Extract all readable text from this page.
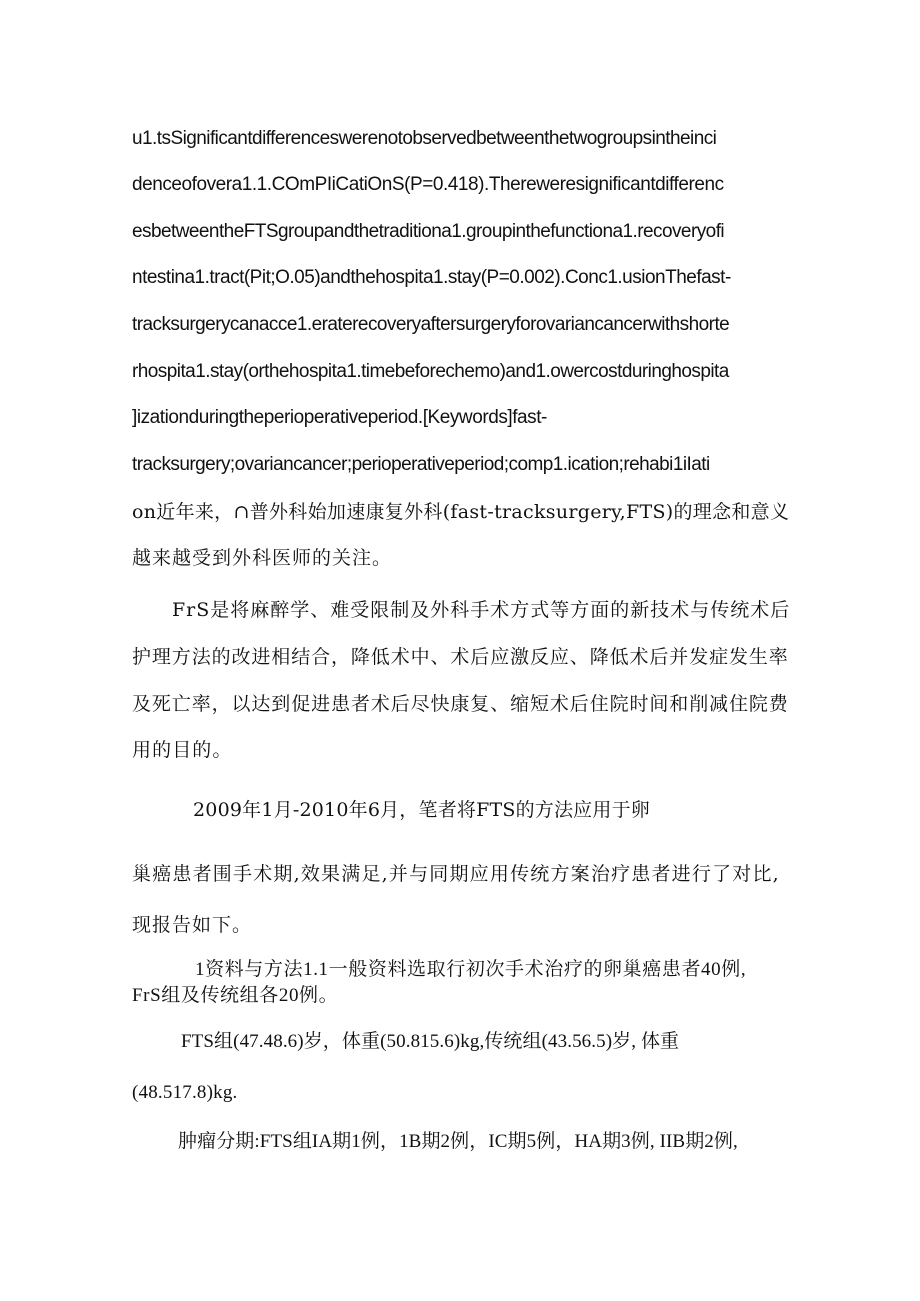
u1.tsSignificantdifferenceswerenotobservedbetweenthetwogroupsintheinci
denceofovera1.1.COmPIiCatiOnS(P=0.418).Thereweresignificantdifferenc
esbetweentheFTSgroupandthetraditiona1.groupinthefunctiona1.recoveryofi
ntestina1.tract(Pit;O.05)andthehospita1.stay(P=0.002).Conc1.usionThefast-
tracksurgerycanacce1.eraterecoveryaftersurgeryforovariancancerwithshorte
rhospita1.stay(orthehospita1.timebeforechemo)and1.owercostduringhospita
]izationduringtheperioperativeperiod.[Keywords]fast-
tracksurgery;ovariancancer;perioperativeperiod;comp1.ication;rehabi1iIati
on近年来，∩普外科始加速康复外科(fast-tracksurgery,FTS)的理念和意义
越来越受到外科医师的关注。
FrS是将麻醉学、难受限制及外科手术方式等方面的新技术与传统术后
护理方法的改进相结合，降低术中、术后应激反应、降低术后并发症发生率
及死亡率，以达到促进患者术后尽快康复、缩短术后住院时间和削减住院费
用的目的。
2009年1月-2010年6月，笔者将FTS的方法应用于卵
巢癌患者围手术期,效果满足,并与同期应用传统方案治疗患者进行了对比,
现报告如下。
1资料与方法1.1一般资料选取行初次手术治疗的卵巢癌患者40例,
FrS组及传统组各20例。
FTS组(47.48.6)岁，体重(50.815.6)kg,传统组(43.56.5)岁, 体重
(48.517.8)kg.
肿瘤分期:FTS组IA期1例，1B期2例，IC期5例，HA期3例, IIB期2例,
